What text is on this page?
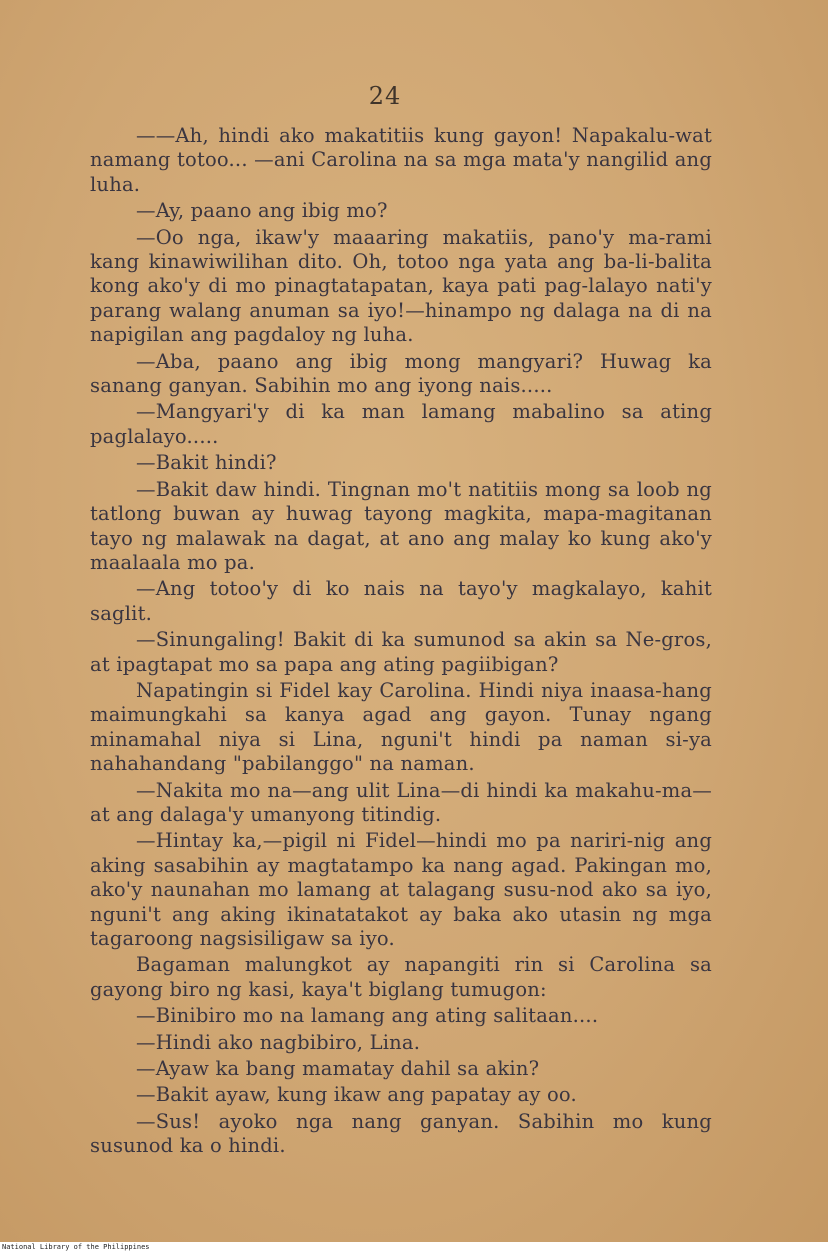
24

——Ah, hindi ako makatitiis kung gayon! Napakalu-wat namang totoo... —ani Carolina na sa mga mata'y nangilid ang luha.

—Ay, paano ang ibig mo?

—Oo nga, ikaw'y maaaring makatiis, pano'y ma-rami kang kinawiwilihan dito. Oh, totoo nga yata ang ba-li-balita kong ako'y di mo pinagtatapatan, kaya pati pag-lalayo nati'y parang walang anuman sa iyo!—hinampo ng dalaga na di na napigilan ang pagdaloy ng luha.

—Aba, paano ang ibig mong mangyari? Huwag ka sanang ganyan. Sabihin mo ang iyong nais.....

—Mangyari'y di ka man lamang mabalino sa ating paglalayo.....

—Bakit hindi?

—Bakit daw hindi. Tingnan mo't natitiis mong sa loob ng tatlong buwan ay huwag tayong magkita, mapa-magitanan tayo ng malawak na dagat, at ano ang malay ko kung ako'y maalaala mo pa.

—Ang totoo'y di ko nais na tayo'y magkalayo, kahit saglit.

—Sinungaling! Bakit di ka sumunod sa akin sa Ne-gros, at ipagtapat mo sa papa ang ating pagiibigan?

Napatingin si Fidel kay Carolina. Hindi niya inaasa-hang maimungkahi sa kanya agad ang gayon. Tunay ngang minamahal niya si Lina, nguni't hindi pa naman si-ya nahahandang "pabilanggo" na naman.

—Nakita mo na—ang ulit Lina—di hindi ka makahu-ma—at ang dalaga'y umanyong titindig.

—Hintay ka,—pigil ni Fidel—hindi mo pa nariri-nig ang aking sasabihin ay magtatampo ka nang agad. Pakingan mo, ako'y naunahan mo lamang at talagang susu-nod ako sa iyo, nguni't ang aking ikinatatakot ay baka ako utasin ng mga tagaroong nagsisiligaw sa iyo.

Bagaman malungkot ay napangiti rin si Carolina sa gayong biro ng kasi, kaya't biglang tumugon:

—Binibiro mo na lamang ang ating salitaan....

—Hindi ako nagbibiro, Lina.

—Ayaw ka bang mamatay dahil sa akin?

—Bakit ayaw, kung ikaw ang papatay ay oo.

—Sus! ayoko nga nang ganyan. Sabihin mo kung susunod ka o hindi.

National Library of the Philippines
